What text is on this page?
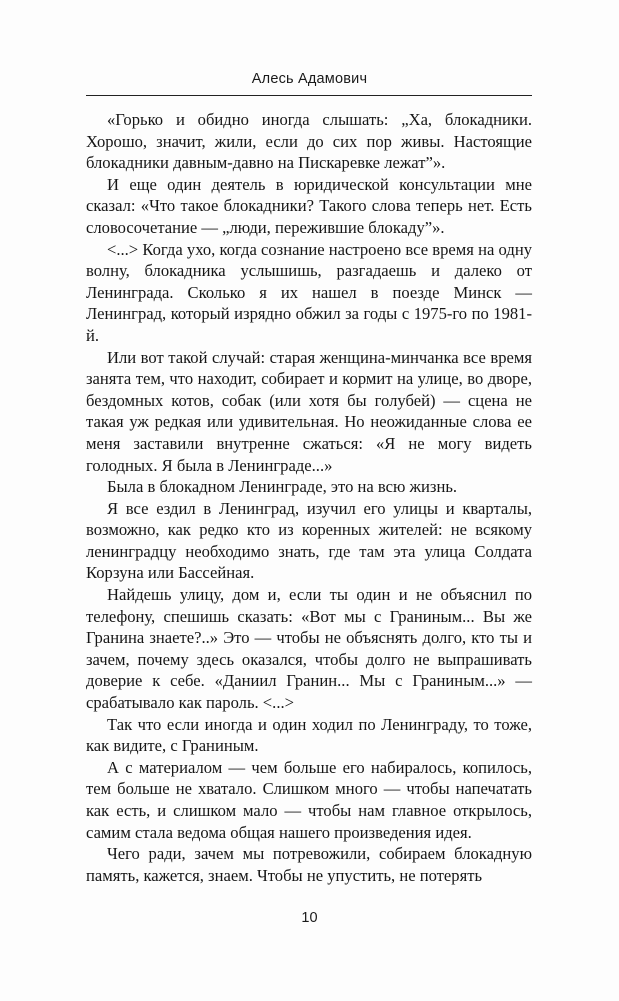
Алесь Адамович

«Горько и обидно иногда слышать: „Ха, блокадники. Хорошо, значит, жили, если до сих пор живы. Настоящие блокадники давным-давно на Пискаревке лежат”».

И еще один деятель в юридической консультации мне сказал: «Что такое блокадники? Такого слова теперь нет. Есть словосочетание — „люди, пережившие блокаду”».

<...> Когда ухо, когда сознание настроено все время на одну волну, блокадника услышишь, разгадаешь и далеко от Ленинграда. Сколько я их нашел в поезде Минск — Ленинград, который изрядно обжил за годы с 1975-го по 1981-й.

Или вот такой случай: старая женщина-минчанка все время занята тем, что находит, собирает и кормит на улице, во дворе, бездомных котов, собак (или хотя бы голубей) — сцена не такая уж редкая или удивительная. Но неожиданные слова ее меня заставили внутренне сжаться: «Я не могу видеть голодных. Я была в Ленинграде...»

Была в блокадном Ленинграде, это на всю жизнь.

Я все ездил в Ленинград, изучил его улицы и кварталы, возможно, как редко кто из коренных жителей: не всякому ленинградцу необходимо знать, где там эта улица Солдата Корзуна или Бассейная.

Найдешь улицу, дом и, если ты один и не объяснил по телефону, спешишь сказать: «Вот мы с Граниным... Вы же Гранина знаете?..» Это — чтобы не объяснять долго, кто ты и зачем, почему здесь оказался, чтобы долго не выпрашивать доверие к себе. «Даниил Гранин... Мы с Граниным...» — срабатывало как пароль. <...>

Так что если иногда и один ходил по Ленинграду, то тоже, как видите, с Граниным.

А с материалом — чем больше его набиралось, копилось, тем больше не хватало. Слишком много — чтобы напечатать как есть, и слишком мало — чтобы нам главное открылось, самим стала ведома общая нашего произведения идея.

Чего ради, зачем мы потревожили, собираем блокадную память, кажется, знаем. Чтобы не упустить, не потерять

10
